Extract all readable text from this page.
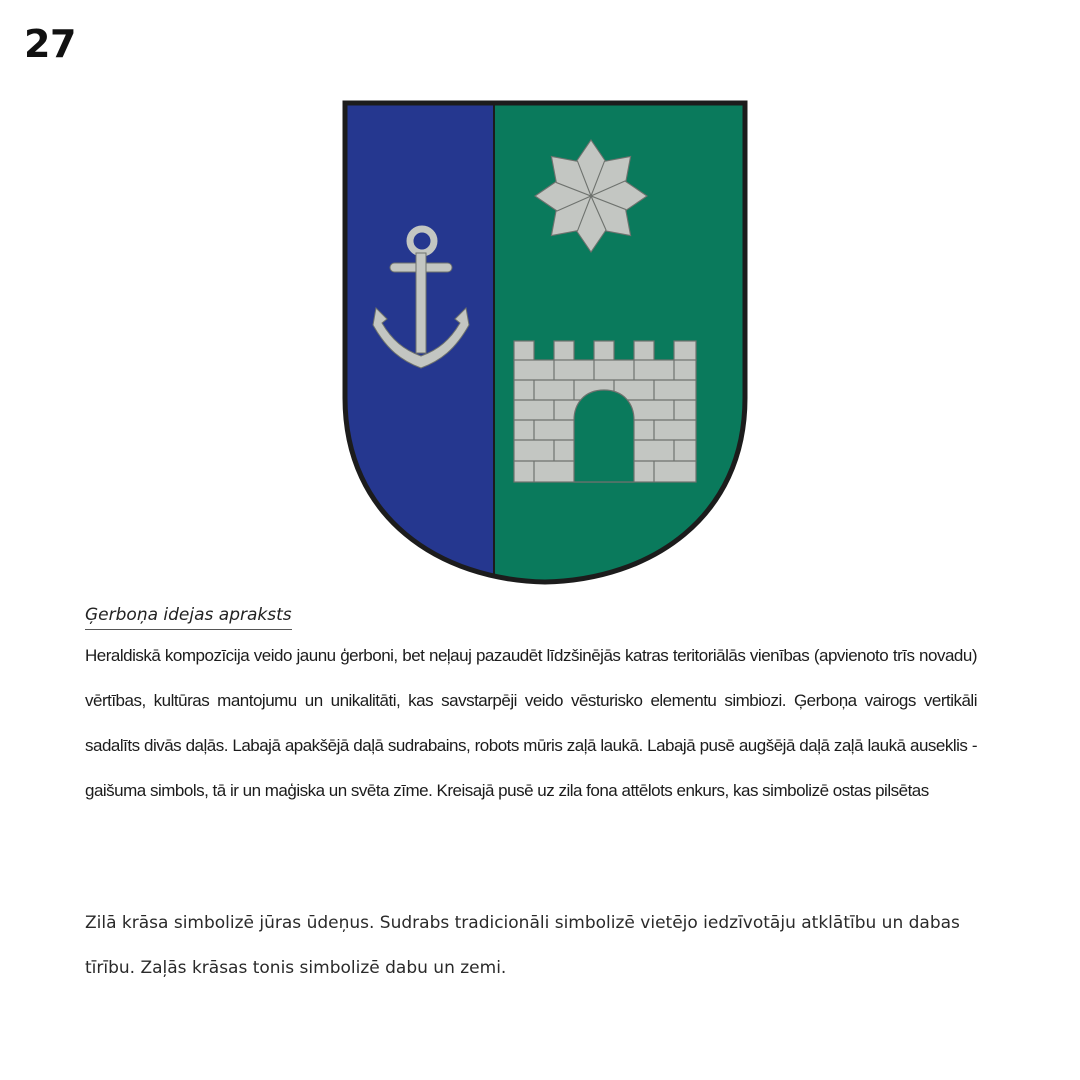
27
Ģerboņa idejas apraksts

Heraldiskā kompozīcija veido jaunu ģerboni, bet neļauj pazaudēt līdzšinējās katras teritoriālās vienības (apvienoto trīs novadu) vērtības, kultūras mantojumu un unikalitāti, kas savstarpēji veido vēsturisko elementu simbiozi. Ģerboņa vairogs vertikāli sadalīts divās daļās. Labajā apakšējā daļā sudrabains, robots mūris zaļā laukā. Labajā pusē augšējā daļā zaļā laukā auseklis - gaišuma simbols, tā ir un maģiska un svēta zīme. Kreisajā pusē uz zila fona attēlots enkurs, kas simbolizē ostas pilsētas

Zilā krāsa simbolizē jūras ūdeņus. Sudrabs tradicionāli simbolizē vietējo iedzīvotāju atklātību un dabas tīrību. Zaļās krāsas tonis simbolizē dabu un zemi.
